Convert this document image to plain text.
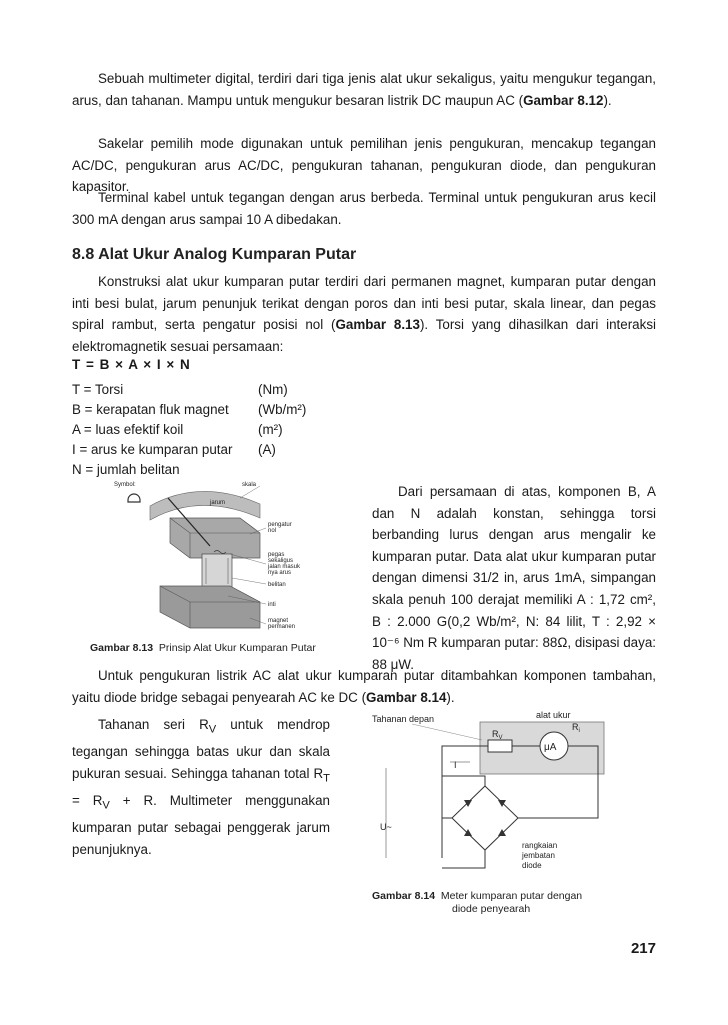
Sebuah multimeter digital, terdiri dari tiga jenis alat ukur sekaligus, yaitu mengukur tegangan, arus, dan tahanan. Mampu untuk mengukur besaran listrik DC maupun AC (Gambar 8.12).

Sakelar pemilih mode digunakan untuk pemilihan jenis pengukuran, mencakup tegangan AC/DC, pengukuran arus AC/DC, pengukuran tahanan, pengukuran diode, dan pengukuran kapasitor.

Terminal kabel untuk tegangan dengan arus berbeda. Terminal untuk pengukuran arus kecil 300 mA dengan arus sampai 10 A dibedakan.

8.8 Alat Ukur Analog Kumparan Putar

Konstruksi alat ukur kumparan putar terdiri dari permanen magnet, kumparan putar dengan inti besi bulat, jarum penunjuk terikat dengan poros dan inti besi putar, skala linear, dan pegas spiral rambut, serta pengatur posisi nol (Gambar 8.13). Torsi yang dihasilkan dari interaksi elektromagnetik sesuai persamaan:

T = B × A × I × N
T = Torsi	(Nm)
B = kerapatan fluk magnet	(Wb/m²)
A = luas efektif koil	(m²)
I = arus ke kumparan putar	(A)
N = jumlah belitan
Symbol:	skala
jarum
pengatur
nol
pegas
sekaligus
jalan masuk
nya arus
belitan
inti
magnet
permanen
Gambar 8.13 Prinsip Alat Ukur Kumparan Putar

Dari persamaan di atas, komponen B, A dan N adalah konstan, sehingga torsi berbanding lurus dengan arus mengalir ke kumparan putar. Data alat ukur kumparan putar dengan dimensi 31/2 in, arus 1mA, simpangan skala penuh 100 derajat memiliki A : 1,72 cm², B : 2.000 G(0,2 Wb/m², N: 84 lilit, T : 2,92 × 10⁻⁶ Nm R kumparan putar: 88Ω, disipasi daya: 88 μW.

Untuk pengukuran listrik AC alat ukur kumparan putar ditambahkan komponen tambahan, yaitu diode bridge sebagai penyearah AC ke DC (Gambar 8.14).

Tahanan seri $R_V$ untuk mendrop tegangan sehingga batas ukur dan skala pukuran sesuai. Sehingga tahanan total $R_T = R_V + R$. Multimeter menggunakan kumparan putar sebagai penggerak jarum penunjuknya.

Tahanan depan	alat ukur
$R_V$
μA
$R_i$
I
U~
rangkaian
jembatan
diode
Gambar 8.14 Meter kumparan putar dengan
diode penyearah
217
